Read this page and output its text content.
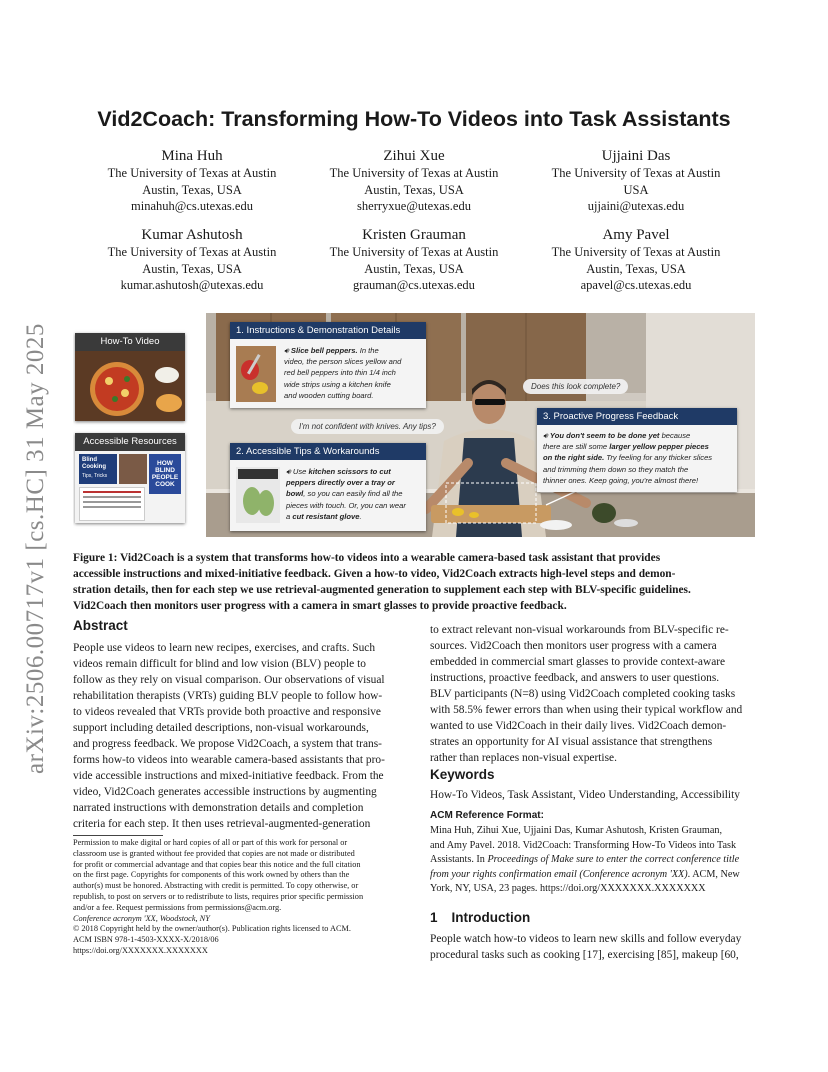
arXiv:2506.00717v1 [cs.HC] 31 May 2025
Vid2Coach: Transforming How-To Videos into Task Assistants
Mina Huh
The University of Texas at Austin
Austin, Texas, USA
minahuh@cs.utexas.edu
Zihui Xue
The University of Texas at Austin
Austin, Texas, USA
sherryxue@utexas.edu
Ujjaini Das
The University of Texas at Austin
USA
ujjaini@utexas.edu
Kumar Ashutosh
The University of Texas at Austin
Austin, Texas, USA
kumar.ashutosh@utexas.edu
Kristen Grauman
The University of Texas at Austin
Austin, Texas, USA
grauman@cs.utexas.edu
Amy Pavel
The University of Texas at Austin
Austin, Texas, USA
apavel@cs.utexas.edu
How-To Video
Accessible Resources
Blind
Cooking
Tips, Tricks
HOW
BLIND
PEOPLE
COOK
1. Instructions & Demonstration Details
🔊︎ Slice bell peppers. In the
video, the person slices yellow and
red bell peppers into thin 1/4 inch
wide strips using a kitchen knife
and wooden cutting board.
2. Accessible Tips & Workarounds
🔊︎ Use kitchen scissors to cut
peppers directly over a tray or
bowl, so you can easily find all the
pieces with touch. Or, you can wear
a cut resistant glove.
3. Proactive Progress Feedback
🔊︎ You don't seem to be done yet because
there are still some larger yellow pepper pieces
on the right side. Try feeling for any thicker slices
and trimming them down so they match the
thinner ones. Keep going, you're almost there!
Does this look complete?
I'm not confident with knives. Any tips?
Figure 1: Vid2Coach is a system that transforms how-to videos into a wearable camera-based task assistant that provides
accessible instructions and mixed-initiative feedback. Given a how-to video, Vid2Coach extracts high-level steps and demon-
stration details, then for each step we use retrieval-augmented generation to supplement each step with BLV-specific guidelines.
Vid2Coach then monitors user progress with a camera in smart glasses to provide proactive feedback.
Abstract
People use videos to learn new recipes, exercises, and crafts. Such
videos remain difficult for blind and low vision (BLV) people to
follow as they rely on visual comparison. Our observations of visual
rehabilitation therapists (VRTs) guiding BLV people to follow how-
to videos revealed that VRTs provide both proactive and responsive
support including detailed descriptions, non-visual workarounds,
and progress feedback. We propose Vid2Coach, a system that trans-
forms how-to videos into wearable camera-based assistants that pro-
vide accessible instructions and mixed-initiative feedback. From the
video, Vid2Coach generates accessible instructions by augmenting
narrated instructions with demonstration details and completion
criteria for each step. It then uses retrieval-augmented-generation
to extract relevant non-visual workarounds from BLV-specific re-
sources. Vid2Coach then monitors user progress with a camera
embedded in commercial smart glasses to provide context-aware
instructions, proactive feedback, and answers to user questions.
BLV participants (N=8) using Vid2Coach completed cooking tasks
with 58.5% fewer errors than when using their typical workflow and
wanted to use Vid2Coach in their daily lives. Vid2Coach demon-
strates an opportunity for AI visual assistance that strengthens
rather than replaces non-visual expertise.
Keywords
How-To Videos, Task Assistant, Video Understanding, Accessibility
ACM Reference Format:
Mina Huh, Zihui Xue, Ujjaini Das, Kumar Ashutosh, Kristen Grauman,
and Amy Pavel. 2018. Vid2Coach: Transforming How-To Videos into Task
Assistants. In Proceedings of Make sure to enter the correct conference title
from your rights confirmation email (Conference acronym 'XX). ACM, New
York, NY, USA, 23 pages. https://doi.org/XXXXXXX.XXXXXXX
1 Introduction
People watch how-to videos to learn new skills and follow everyday
procedural tasks such as cooking [17], exercising [85], makeup [60,
Permission to make digital or hard copies of all or part of this work for personal or
classroom use is granted without fee provided that copies are not made or distributed
for profit or commercial advantage and that copies bear this notice and the full citation
on the first page. Copyrights for components of this work owned by others than the
author(s) must be honored. Abstracting with credit is permitted. To copy otherwise, or
republish, to post on servers or to redistribute to lists, requires prior specific permission
and/or a fee. Request permissions from permissions@acm.org.
Conference acronym 'XX, Woodstock, NY
© 2018 Copyright held by the owner/author(s). Publication rights licensed to ACM.
ACM ISBN 978-1-4503-XXXX-X/2018/06
https://doi.org/XXXXXXX.XXXXXXX
